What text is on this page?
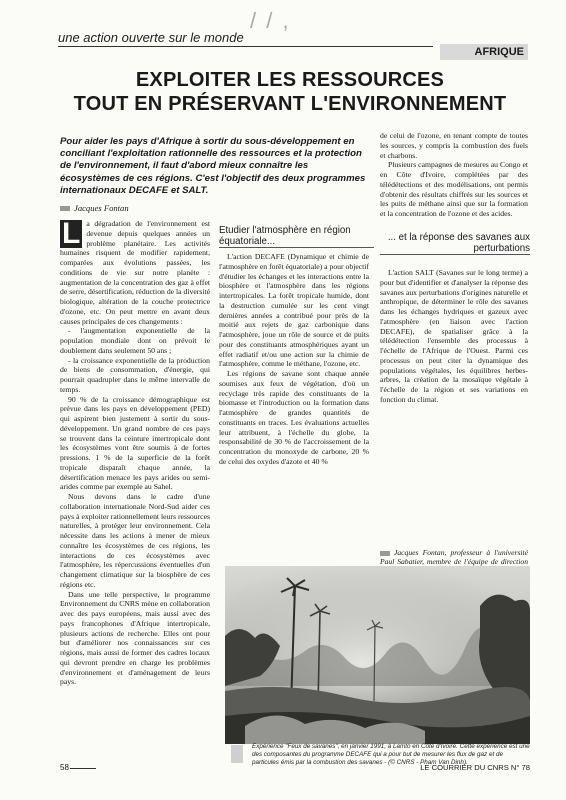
/ / ,
une action ouverte sur le monde
AFRIQUE
EXPLOITER LES RESSOURCES
TOUT EN PRÉSERVANT L'ENVIRONNEMENT
Pour aider les pays d'Afrique à sortir du sous-développement en conciliant l'exploitation rationnelle des ressources et la protection de l'environnement, il faut d'abord mieux connaître les écosystèmes de ces régions. C'est l'objectif des deux programmes internationaux DECAFE et SALT.
Jacques Fontan

L a dégradation de l'environnement est devenue depuis quelques années un problème planétaire. Les activités humaines risquent de modifier rapidement, comparées aux évolutions passées, les conditions de vie sur notre planète : augmentation de la concentration des gaz à effet de serre, désertification, réduction de la diversité biologique, altération de la couche protectrice d'ozone, etc. On peut mettre en avant deux causes principales de ces changements :

- l'augmentation exponentielle de la population mondiale dont on prévoit le doublement dans seulement 50 ans ;

- la croissance exponentielle de la production de biens de consommation, d'énergie, qui pourrait quadrupler dans le même intervalle de temps.

90 % de la croissance démographique est prévue dans les pays en développement (PED) qui aspirent bien justement à sortir du sous-développement. Un grand nombre de ces pays se trouvent dans la ceinture intertropicale dont les écosystèmes vont être soumis à de fortes pressions. 1 % de la superficie de la forêt tropicale disparaît chaque année, la désertification menace les pays arides ou semi-arides comme par exemple au Sahel.

Nous devons dans le cadre d'une collaboration internationale Nord-Sud aider ces pays à exploiter rationnellement leurs ressources naturelles, à protéger leur environnement. Cela nécessite dans les actions à mener de mieux connaître les écosystèmes de ces régions, les interactions de ces écosystèmes avec l'atmosphère, les répercussions éventuelles d'un changement climatique sur la biosphère de ces régions etc.

Dans une telle perspective, le programme Environnement du CNRS mène en collaboration avec des pays européens, mais aussi avec des pays francophones d'Afrique intertropicale, plusieurs actions de recherche. Elles ont pour but d'améliorer nos connaissances sur ces régions, mais aussi de former des cadres locaux qui devront prendre en charge les problèmes d'environnement et d'aménagement de leurs pays.

Etudier l'atmosphère en région équatoriale...

L'action DECAFE (Dynamique et chimie de l'atmosphère en forêt équatoriale) a pour objectif d'étudier les échanges et les interactions entre la biosphère et l'atmosphère dans les régions intertropicales. La forêt tropicale humide, dont la destruction cumulée sur les cent vingt dernières années a contribué pour près de la moitié aux rejets de gaz carbonique dans l'atmosphère, joue un rôle de source et de puits pour des constituants atmosphériques ayant un effet radiatif et/ou une action sur la chimie de l'atmosphère, comme le méthane, l'ozone, etc.

Les régions de savane sont chaque année soumises aux feux de végétation, d'où un recyclage très rapide des constituants de la biomasse et l'introduction ou la formation dans l'atmosphère de grandes quantités de constituants en traces. Les évaluations actuelles leur attribuent, à l'échelle du globe, la responsabilité de 30 % de l'accroissement de la concentration du monoxyde de carbone, 20 % de celui des oxydes d'azote et 40 %

de celui de l'ozone, en tenant compte de toutes les sources, y compris la combustion des fuels et charbons.

Plusieurs campagnes de mesures au Congo et en Côte d'Ivoire, complétées par des télédétections et des modélisations, ont permis d'obtenir des résultats chiffrés sur les sources et les puits de méthane ainsi que sur la formation et la concentration de l'ozone et des acides.

... et la réponse des savanes aux perturbations

L'action SALT (Savanes sur le long terme) a pour but d'identifier et d'analyser la réponse des savanes aux perturbations d'origines naturelle et anthropique, de déterminer le rôle des savanes dans les échanges hydriques et gazeux avec l'atmosphère (en liaison avec l'action DECAFE), de spatialiser grâce à la télédétection l'ensemble des processus à l'échelle de l'Afrique de l'Ouest. Parmi ces processus on peut citer la dynamique des populations végétales, les équilibres herbes-arbres, la création de la mosaïque végétale à l'échelle de la région et ses variations en fonction du climat.

Jacques Fontan, professeur à l'université Paul Sabatier, membre de l'équipe de direction

Expérience "Feux de savanes", en janvier 1991, à Lamto en Côte d'Ivoire. Cette expérience est une des composantes du programme DECAFE qui a pour but de mesurer les flux de gaz et de particules émis par la combustion des savanes - (© CNRS - Pham Van Dinh).
58	LE COURRIER DU CNRS N° 78
